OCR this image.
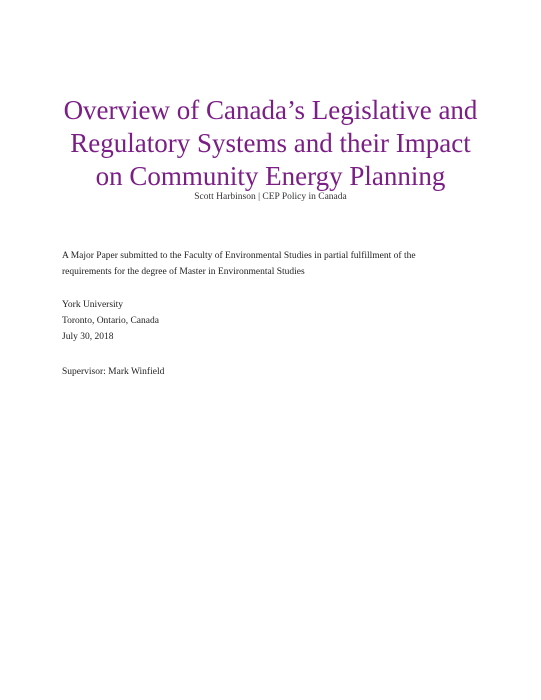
Overview of Canada’s Legislative and
Regulatory Systems and their Impact
on Community Energy Planning
Scott Harbinson | CEP Policy in Canada
A Major Paper submitted to the Faculty of Environmental Studies in partial fulfillment of the
requirements for the degree of Master in Environmental Studies
York University
Toronto, Ontario, Canada
July 30, 2018
Supervisor: Mark Winfield
